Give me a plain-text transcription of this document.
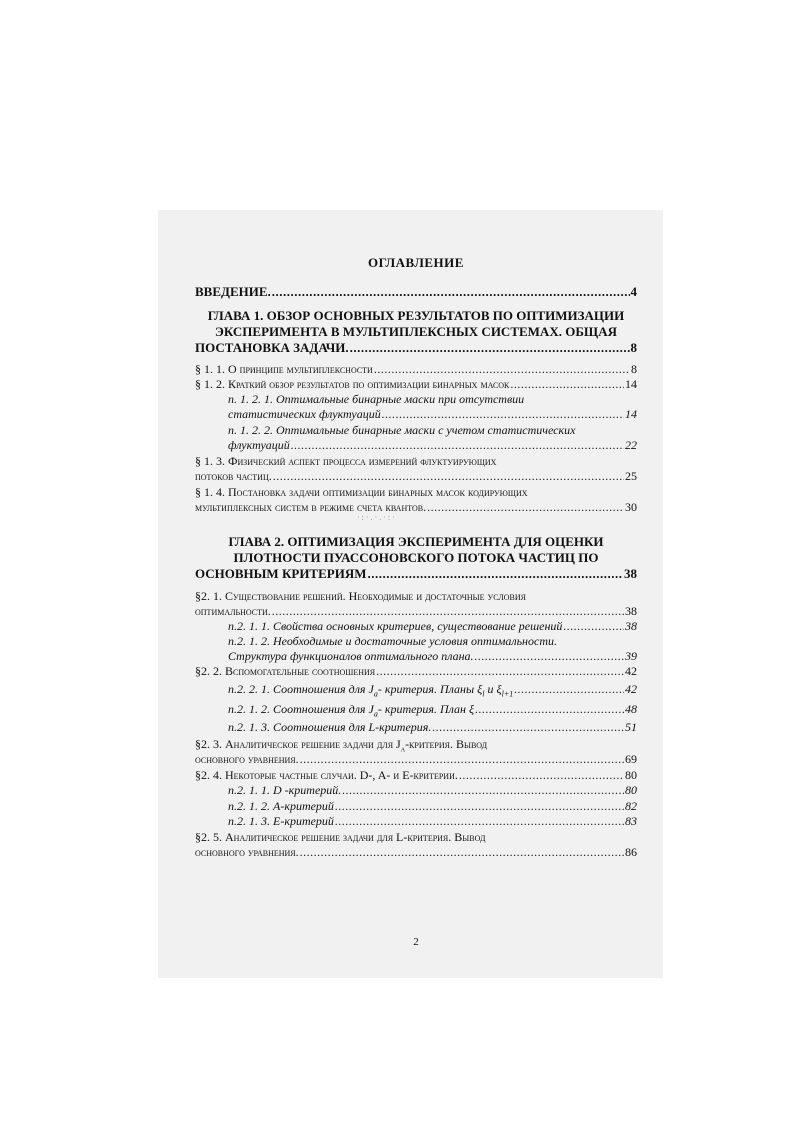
ОГЛАВЛЕНИЕ
ВВЕДЕНИЕ. .....	4
ГЛАВА 1. ОБЗОР ОСНОВНЫХ РЕЗУЛЬТАТОВ ПО ОПТИМИЗАЦИИ
ЭКСПЕРИМЕНТА В МУЛЬТИПЛЕКСНЫХ СИСТЕМАХ. ОБЩАЯ
ПОСТАНОВКА ЗАДАЧИ. .....	8
§ 1. 1. О принципе мультиплексности .....	8
§ 1. 2. Краткий обзор результатов по оптимизации бинарных масок .....	14
п. 1. 2. 1. Оптимальные бинарные маски при отсутствии
статистических флуктуаций .....	14
п. 1. 2. 2. Оптимальные бинарные маски с учетом статистических
флуктуаций .....	22
§ 1. 3. Физический аспект процесса измерений флуктуирующих
потоков частиц. .....	25
§ 1. 4. Постановка задачи оптимизации бинарных масок кодирующих
мультиплексных систем в режиме счета квантов. .....	30
·:·.·.·:·
ГЛАВА 2. ОПТИМИЗАЦИЯ ЭКСПЕРИМЕНТА ДЛЯ ОЦЕНКИ
ПЛОТНОСТИ ПУАССОНОВСКОГО ПОТОКА ЧАСТИЦ ПО
ОСНОВНЫМ КРИТЕРИЯМ .....	38
§2. 1. Существование решений. Необходимые и достаточные условия
оптимальности. .....	38
п.2. 1. 1. Свойства основных критериев, существование решений .....	38
п.2. 1. 2. Необходимые и достаточные условия оптимальности.
Структура функционалов оптимального плана. .....	39
§2. 2. Вспомогательные соотношения .....	42
п.2. 2. 1. Соотношения для $J_a-$ критерия. Планы $\xi_l$ и $\xi_{l+1}$ .....	42
п.2. 1. 2. Соотношения для $J_a-$ критерия. План ξ .....	48
п.2. 1. 3. Соотношения для L-критерия. .....	51
§2. 3. Аналитическое решение задачи для $J_a$-критерия. Вывод
основного уравнения. .....	69
§2. 4. Некоторые частные случаи. D-, A- и E-критерии. .....	80
п.2. 1. 1. D -критерий. .....	80
п.2. 1. 2. A-критерий .....	82
п.2. 1. 3. E-критерий .....	83
§2. 5. Аналитическое решение задачи для L-критерия. Вывод
основного уравнения. .....	86
2
